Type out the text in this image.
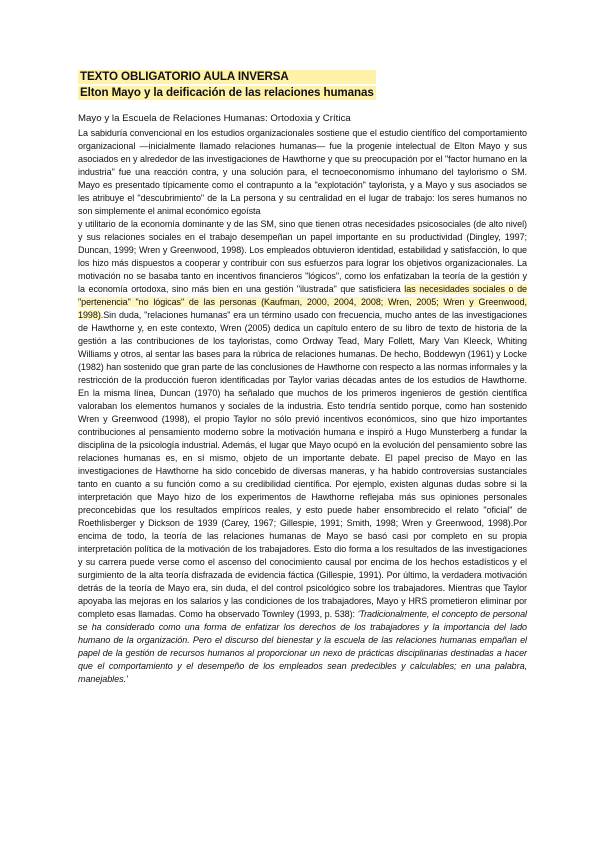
TEXTO OBLIGATORIO AULA INVERSA
Elton Mayo y la deificación de las relaciones humanas
Mayo y la Escuela de Relaciones Humanas: Ortodoxia y Crítica

La sabiduría convencional en los estudios organizacionales sostiene que el estudio científico del comportamiento organizacional —inicialmente llamado relaciones humanas— fue la progenie intelectual de Elton Mayo y sus asociados en y alrededor de las investigaciones de Hawthorne y que su preocupación por el "factor humano en la industria" fue una reacción contra, y una solución para, el tecnoeconomismo inhumano del taylorismo o SM. Mayo es presentado típicamente como el contrapunto a la "explotación" taylorista, y a Mayo y sus asociados se les atribuye el "descubrimiento" de la La persona y su centralidad en el lugar de trabajo: los seres humanos no son simplemente el animal económico egoísta

y utilitario de la economía dominante y de las SM, sino que tienen otras necesidades psicosociales (de alto nivel) y sus relaciones sociales en el trabajo desempeñan un papel importante en su productividad (Dingley, 1997; Duncan, 1999; Wren y Greenwood, 1998). Los empleados obtuvieron identidad, estabilidad y satisfacción, lo que los hizo más dispuestos a cooperar y contribuir con sus esfuerzos para lograr los objetivos organizacionales. La motivación no se basaba tanto en incentivos financieros "lógicos", como los enfatizaban la teoría de la gestión y la economía ortodoxa, sino más bien en una gestión "ilustrada" que satisficiera las necesidades sociales o de "pertenencia" "no lógicas" de las personas (Kaufman, 2000, 2004, 2008; Wren, 2005; Wren y Greenwood, 1998).Sin duda, "relaciones humanas" era un término usado con frecuencia, mucho antes de las investigaciones de Hawthorne y, en este contexto, Wren (2005) dedica un capítulo entero de su libro de texto de historia de la gestión a las contribuciones de los tayloristas, como Ordway Tead, Mary Follett, Mary Van Kleeck, Whiting Williams y otros, al sentar las bases para la rúbrica de relaciones humanas. De hecho, Boddewyn (1961) y Locke (1982) han sostenido que gran parte de las conclusiones de Hawthorne con respecto a las normas informales y la restricción de la producción fueron identificadas por Taylor varias décadas antes de los estudios de Hawthorne. En la misma línea, Duncan (1970) ha señalado que muchos de los primeros ingenieros de gestión científica valoraban los elementos humanos y sociales de la industria. Esto tendría sentido porque, como han sostenido Wren y Greenwood (1998), el propio Taylor no sólo previó incentivos económicos, sino que hizo importantes contribuciones al pensamiento moderno sobre la motivación humana e inspiró a Hugo Munsterberg a fundar la disciplina de la psicología industrial. Además, el lugar que Mayo ocupó en la evolución del pensamiento sobre las relaciones humanas es, en sí mismo, objeto de un importante debate. El papel preciso de Mayo en las investigaciones de Hawthorne ha sido concebido de diversas maneras, y ha habido controversias sustanciales tanto en cuanto a su función como a su credibilidad científica. Por ejemplo, existen algunas dudas sobre si la interpretación que Mayo hizo de los experimentos de Hawthorne reflejaba más sus opiniones personales preconcebidas que los resultados empíricos reales, y esto puede haber ensombrecido el relato "oficial" de Roethlisberger y Dickson de 1939 (Carey, 1967; Gillespie, 1991; Smith, 1998; Wren y Greenwood, 1998).Por encima de todo, la teoría de las relaciones humanas de Mayo se basó casi por completo en su propia interpretación política de la motivación de los trabajadores. Esto dio forma a los resultados de las investigaciones y su carrera puede verse como el ascenso del conocimiento causal por encima de los hechos estadísticos y el surgimiento de la alta teoría disfrazada de evidencia fáctica (Gillespie, 1991). Por último, la verdadera motivación detrás de la teoría de Mayo era, sin duda, el del control psicológico sobre los trabajadores. Mientras que Taylor apoyaba las mejoras en los salarios y las condiciones de los trabajadores, Mayo y HRS prometieron eliminar por completo esas llamadas. Como ha observado Townley (1993, p. 538): 'Tradicionalmente, el concepto de personal se ha considerado como una forma de enfatizar los derechos de los trabajadores y la importancia del lado humano de la organización. Pero el discurso del bienestar y la escuela de las relaciones humanas empañan el papel de la gestión de recursos humanos al proporcionar un nexo de prácticas disciplinarias destinadas a hacer que el comportamiento y el desempeño de los empleados sean predecibles y calculables; en una palabra, manejables.'
